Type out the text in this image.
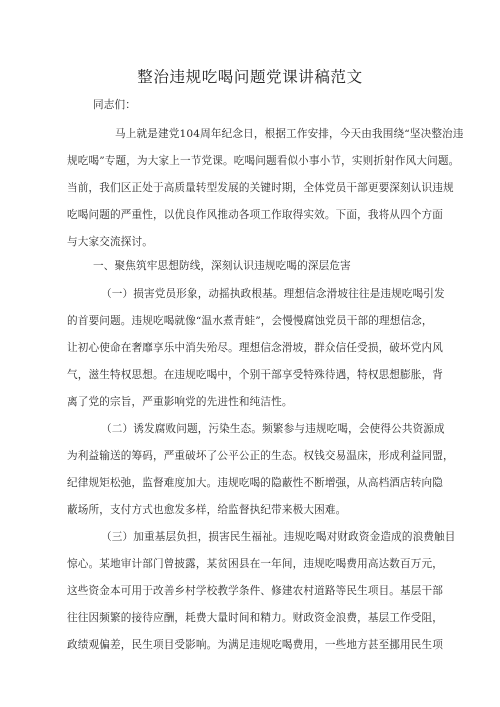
整治违规吃喝问题党课讲稿范文
同志们：
马上就是建党104周年纪念日，根据工作安排，今天由我围绕“坚决整治违
规吃喝”专题，为大家上一节党课。吃喝问题看似小事小节，实则折射作风大问题。
当前，我们区正处于高质量转型发展的关键时期，全体党员干部更要深刻认识违规
吃喝问题的严重性，以优良作风推动各项工作取得实效。下面，我将从四个方面
与大家交流探讨。
一、聚焦筑牢思想防线，深刻认识违规吃喝的深层危害
（一）损害党员形象，动摇执政根基。理想信念滑坡往往是违规吃喝引发
的首要问题。违规吃喝就像“温水煮青蛙”，会慢慢腐蚀党员干部的理想信念，
让初心使命在奢靡享乐中消失殆尽。理想信念滑坡，群众信任受损，破坏党内风
气，滋生特权思想。在违规吃喝中，个别干部享受特殊待遇，特权思想膨胀，背
离了党的宗旨，严重影响党的先进性和纯洁性。
（二）诱发腐败问题，污染生态。频繁参与违规吃喝，会使得公共资源成
为利益输送的筹码，严重破坏了公平公正的生态。权钱交易温床，形成利益同盟，
纪律规矩松弛，监督难度加大。违规吃喝的隐蔽性不断增强，从高档酒店转向隐
蔽场所，支付方式也愈发多样，给监督执纪带来极大困难。
（三）加重基层负担，损害民生福祉。违规吃喝对财政资金造成的浪费触目
惊心。某地审计部门曾披露，某贫困县在一年间，违规吃喝费用高达数百万元，
这些资金本可用于改善乡村学校教学条件、修建农村道路等民生项目。基层干部
往往因频繁的接待应酬，耗费大量时间和精力。财政资金浪费，基层工作受阻，
政绩观偏差，民生项目受影响。为满足违规吃喝费用，一些地方甚至挪用民生项
